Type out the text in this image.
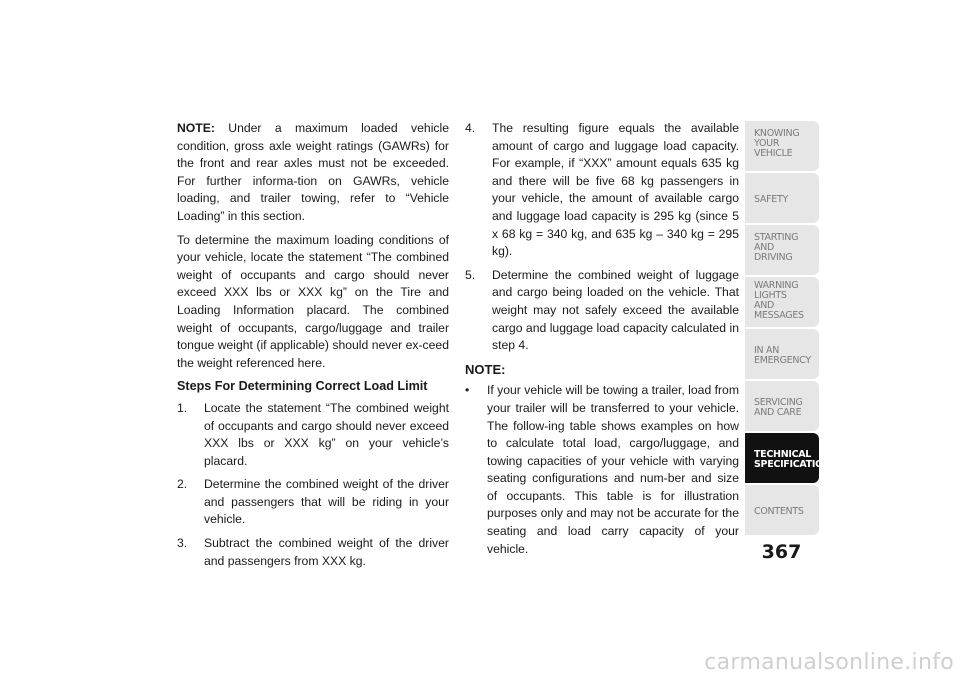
NOTE: Under a maximum loaded vehicle condition, gross axle weight ratings (GAWRs) for the front and rear axles must not be exceeded. For further informa-tion on GAWRs, vehicle loading, and trailer towing, refer to “Vehicle Loading” in this section.

To determine the maximum loading conditions of your vehicle, locate the statement “The combined weight of occupants and cargo should never exceed XXX lbs or XXX kg” on the Tire and Loading Information placard. The combined weight of occupants, cargo/luggage and trailer tongue weight (if applicable) should never ex-ceed the weight referenced here.

Steps For Determining Correct Load Limit
1. Locate the statement “The combined weight of occupants and cargo should never exceed XXX lbs or XXX kg” on your vehicle’s placard.
2. Determine the combined weight of the driver and passengers that will be riding in your vehicle.
3. Subtract the combined weight of the driver and passengers from XXX kg.
4. The resulting figure equals the available amount of cargo and luggage load capacity. For example, if “XXX” amount equals 635 kg and there will be five 68 kg passengers in your vehicle, the amount of available cargo and luggage load capacity is 295 kg (since 5 x 68 kg = 340 kg, and 635 kg – 340 kg = 295 kg).
5. Determine the combined weight of luggage and cargo being loaded on the vehicle. That weight may not safely exceed the available cargo and luggage load capacity calculated in step 4.
NOTE:
• If your vehicle will be towing a trailer, load from your trailer will be transferred to your vehicle. The follow-ing table shows examples on how to calculate total load, cargo/luggage, and towing capacities of your vehicle with varying seating configurations and num-ber and size of occupants. This table is for illustration purposes only and may not be accurate for the seating and load carry capacity of your vehicle.
KNOWING
YOUR
VEHICLE
SAFETY
STARTING
AND
DRIVING
WARNING
LIGHTS
AND
MESSAGES
IN AN
EMERGENCY
SERVICING
AND CARE
TECHNICAL
SPECIFICATIONS
CONTENTS
367
carmanualsonline.info
